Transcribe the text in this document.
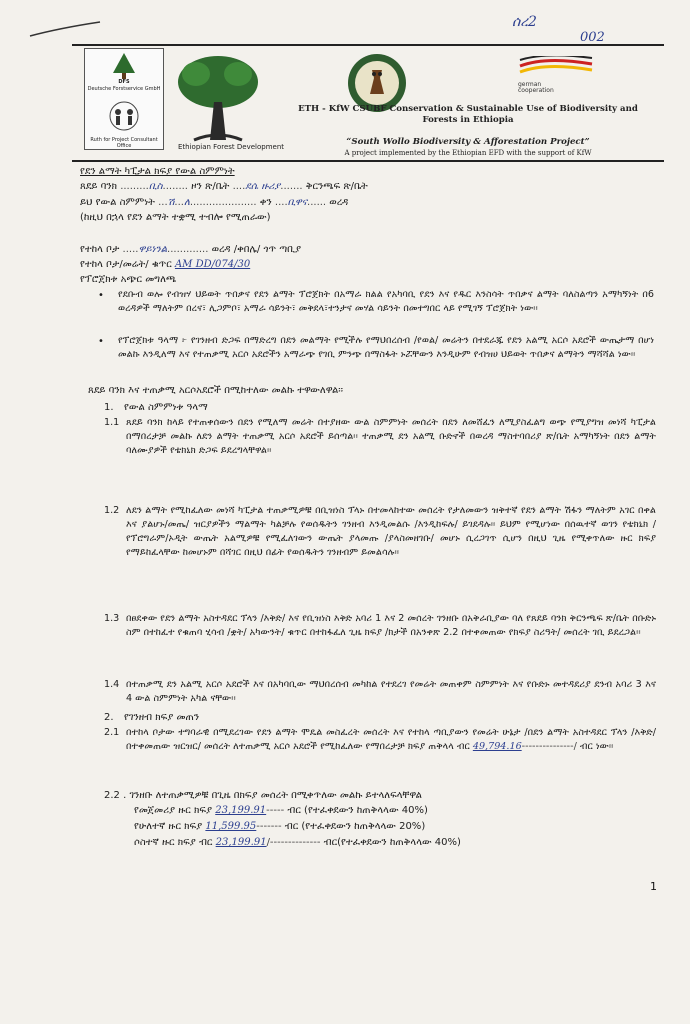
ሰረ2
002
DFS
Deutsche Forstservice GmbH
Ruth for Project Consultant Office	Ethiopian Forest Development
german
cooperation
ETH - KfW CSUBF Conservation & Sustainable Use of Biodiversity and
Forests in Ethiopia
“South Wollo Biodiversity & Afforestation Project”
A project implemented by the Ethiopian EFD with the support of KfW
የደን ልማት ካፒታል ክፍያ የውል ስምምነት
ጸደይ ባንክ .........ቢስ........ ዞን ጽ/ቤት ....ደሴ ዙሪያ....... ቅርንጫፍ ጽ/ቤት
ይህ የውል ስምምነት ...ሽ...ለ..................... ቀን ....ቢዋና...... ወረዳ
(ከዚህ በኋላ የደን ልማት ተቋሚ ተብሎ የሚጠራው)
የተከላ ቦታ .....ዋይነንል............. ወረዳ /ቀበሌ/ ጎጥ ጣቢያ
የተከላ ቦታ/መሬት/ ቁጥር AM DD/074/30
የፕሮጀክቱ አጭር መግለጫ
• የደቡብ ወሎ የብዝሃ ህይወት ጥበቃና የደን ልማት ፕሮጀክት በአማራ ክልል የአካባቢ የደን እና የዱር እንስሳት ጥበቃና ልማት ባለስልጣን አማካኝነት በ6 ወረዳዎች ማለትም በረና፣ ሊጋምቦ፣ አማራ ሳይንት፣ መቅደላ፣ተንታና መሃል ሳይንት በመተግበር ላይ የሚገኝ ፕሮጀክት ነው፡፡
• የፕሮጀክቱ ዓላማ ፦ የገንዘብ ድጋፍ በማድረግ በደን መልማት የሚችሉ የማህበረሰብ /የወል/ መሬትን በተደራጁ የደን አልሚ አርሶ አደሮች ውጤታማ በሆነ መልኩ እንዲለማ እና የተጠቃሚ አርሶ አደሮችን አማራጭ የገቢ ምንጭ በማስፋት ኑሯቸውን እንዲሁም የብዝሀ ህይወት ጥበቃና ልማትን ማሻሻል ነው፡፡
ጸደይ ባንክ እና ተጠቃሚ አርሶአደሮች በሚከተለው መልኩ ተዋውለዋል፡፡
1. የውል ስምምነቱ ዓላማ
1.1 ጸደይ ባንክ ከላይ የተጠቀሰውን በደን የሚለማ መሬት በተያዘው ውል ስምምነት መሰረት በደን ለመሸፈን ለሚያስፈልግ ወጭ የሚያግዝ መነሻ ካፒታል በማበረታቻ መልኩ ለደን ልማት ተጠቃሚ አርሶ አደሮች ይሰጣል፡፡ ተጠቃሚ ደን አልሚ ቡድኖች በወረዳ ማስተባበሪያ ጽ/ቤት አማካኝነት በደን ልማት ባለሙያዎች የቴክኒክ ድጋፍ ይደረግላቸዋል፡፡
1.2 ለደን ልማት የሚከፈለው መነሻ ካፒታል ተጠቃሚዎቹ በቢዝነስ ፕላኑ በተመላከተው መሰረት የታለመውን ዝቅተኛ የደን ልማት ሽፋን ማለትም አገር በቀል እና ያልሆኑ/መጤ/ ዝርያዎችን ማልማት ካልቻሉ የወሰዱትን ገንዘብ እንዲመልሱ /እንዲከፍሉ/ ይገደዳሉ፡፡ ይህም የሚሆነው በሰዉተኛ ወገን የቴክኒክ /የፕሮግራም/ኦዲት ውጤት አልሚዎቹ የሚፈለገውን ውጤት ያላመጡ /ያላስመዘገቡ/ መሆኑ ሲረጋገጥ ሲሆን በዚህ ጊዜ የሚቀጥለው ዙር ክፍያ የማይከፈላቸው ከመሆኑም በሻገር በዚህ በፊት የወሰዱትን ገንዘብም ይመልሳሉ፡፡
1.3 በፀደቀው የደን ልማት አስተዳደር ፕላን /እቅድ/ እና የቢዝነስ እቅድ አባሪ 1 እና 2 መሰረት ገንዘቡ በአቅራቢያው ባለ የጸደይ ባንክ ቅርንጫፍ ጽ/ቤት በቡድኑ ስም በተከፈተ የቁጠባ ሂሳብ /ቋት/ አካውንት/ ቁጥር በተከፋፈለ ጊዜ ክፍያ /ክታች በአንቀጽ 2.2 በተቀመጠው የክፍያ ስሪዓት/ መሰረት ገቢ ይደረጋል፡፡
1.4 በተጠቃሚ ደን አልሚ አርሶ አደሮች እና በአካባቢው ማህበረሰብ መካከል የተደረገ የመሬት መጠቀም ስምምነት እና የቡድኑ መተዳደሪያ ደንብ አባሪ 3 እና 4 ውል ስምምነት አካል ናቸው፡፡
2. የገንዘብ ክፍያ መጠን
2.1 በተከላ ቦታው ተግባራዊ በሚደረገው የደን ልማት ሞዴል መስፈረት መሰረት እና የተከላ ጣቢያውን የመሬት ሁኔታ /በደን ልማት አስተዳደር ፕላን /እቅድ/ በተቀመጠው ዝርዝር/ መሰረት ለተጠቃሚ አርሶ አደሮች የሚከፈለው የማበረታቻ ክፍያ ጠቅላላ ብር 49,794.16---------------/ ብር ነው፡፡
2.2 . ገንዘቡ ለተጠቃሚዎቹ በጊዜ በክፍያ መሰረት በሚቀጥለው መልኩ ይተላለፍላቸዋል
የመጀመሪያ ዙር ክፍያ 23,199.91----- ብር (የተፈቀደውን ከጠቅላላው 40%)
የሁለተኛ ዙር ክፍያ 11,599.95------- ብር (የተፈቀደውን ከጠቅላላው 20%)
ሶስተኛ ዙር ክፍያ ብር 23,199.91/-------------- ብር(የተፈቀደውን ከጠቅላላው 40%)
1
